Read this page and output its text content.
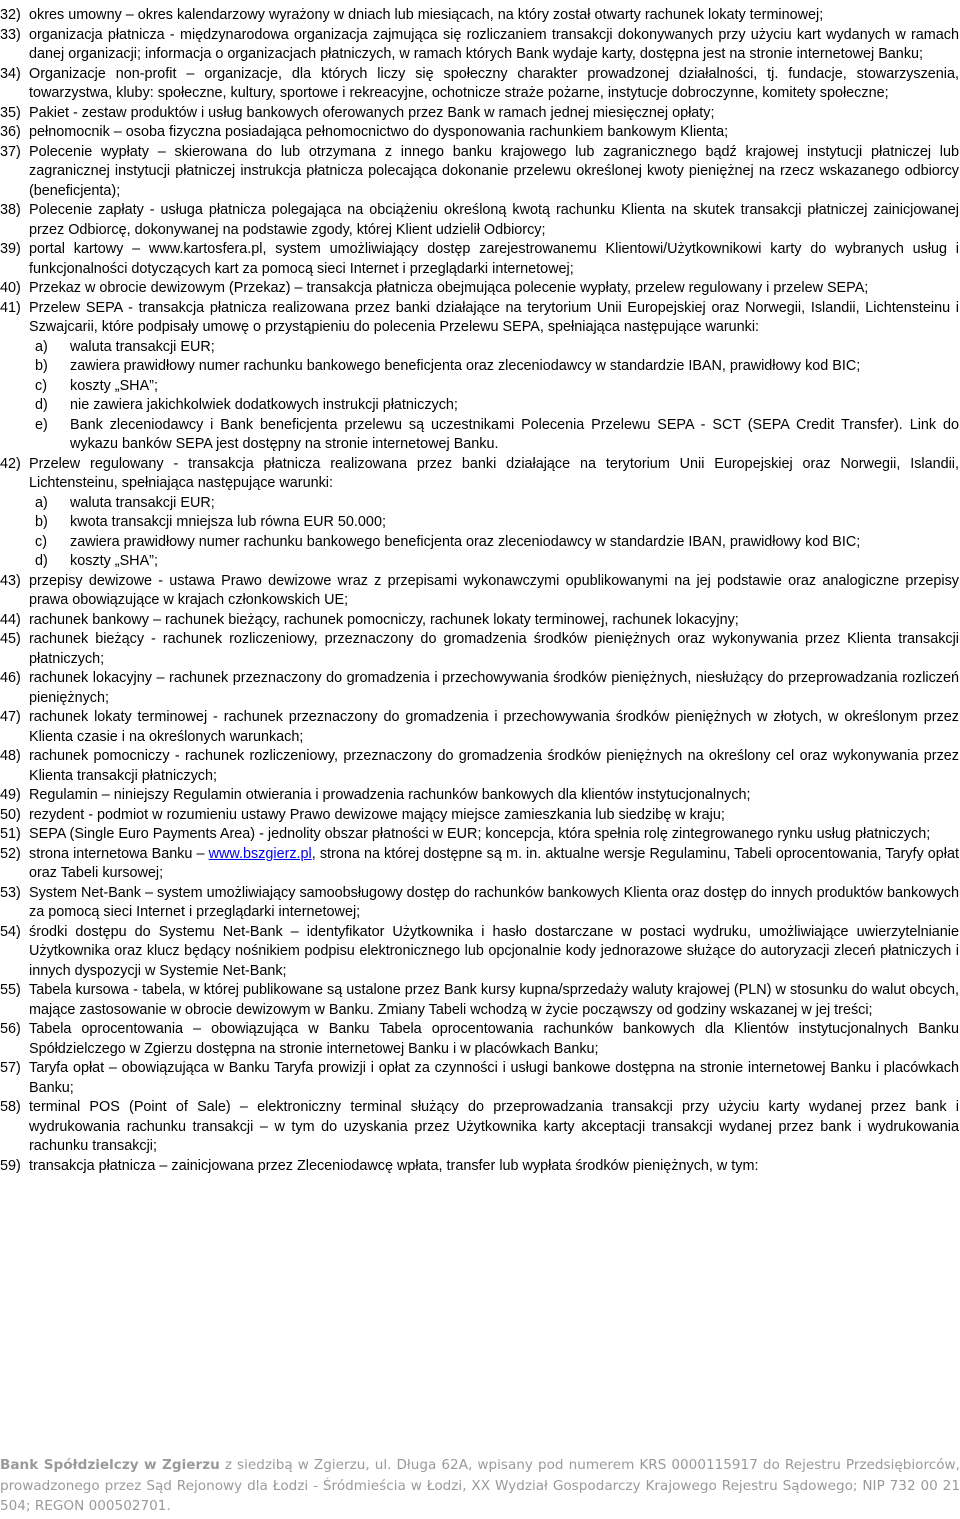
32) okres umowny – okres kalendarzowy wyrażony w dniach lub miesiącach, na który został otwarty rachunek lokaty terminowej;
33) organizacja płatnicza - międzynarodowa organizacja zajmująca się rozliczaniem transakcji dokonywanych przy użyciu kart wydanych w ramach danej organizacji; informacja o organizacjach płatniczych, w ramach których Bank wydaje karty, dostępna jest na stronie internetowej Banku;
34) Organizacje non-profit – organizacje, dla których liczy się społeczny charakter prowadzonej działalności, tj. fundacje, stowarzyszenia, towarzystwa, kluby: społeczne, kultury, sportowe i rekreacyjne, ochotnicze straże pożarne, instytucje dobroczynne, komitety społeczne;
35) Pakiet - zestaw produktów i usług bankowych oferowanych przez Bank w ramach jednej miesięcznej opłaty;
36) pełnomocnik – osoba fizyczna posiadająca pełnomocnictwo do dysponowania rachunkiem bankowym Klienta;
37) Polecenie wypłaty – skierowana do lub otrzymana z innego banku krajowego lub zagranicznego bądź krajowej instytucji płatniczej lub zagranicznej instytucji płatniczej instrukcja płatnicza polecająca dokonanie przelewu określonej kwoty pieniężnej na rzecz wskazanego odbiorcy (beneficjenta);
38) Polecenie zapłaty - usługa płatnicza polegająca na obciążeniu określoną kwotą rachunku Klienta na skutek transakcji płatniczej zainicjowanej przez Odbiorcę, dokonywanej na podstawie zgody, której Klient udzielił Odbiorcy;
39) portal kartowy – www.kartosfera.pl, system umożliwiający dostęp zarejestrowanemu Klientowi/Użytkownikowi karty do wybranych usług i funkcjonalności dotyczących kart za pomocą sieci Internet i przeglądarki internetowej;
40) Przekaz w obrocie dewizowym (Przekaz) – transakcja płatnicza obejmująca polecenie wypłaty, przelew regulowany i przelew SEPA;
41) Przelew SEPA - transakcja płatnicza realizowana przez banki działające na terytorium Unii Europejskiej oraz Norwegii, Islandii, Lichtensteinu i Szwajcarii, które podpisały umowę o przystąpieniu do polecenia Przelewu SEPA, spełniająca następujące warunki:
a)	waluta transakcji EUR;
b)	zawiera prawidłowy numer rachunku bankowego beneficjenta oraz zleceniodawcy w standardzie IBAN, prawidłowy kod BIC;
c)	koszty „SHA”;
d)	nie zawiera jakichkolwiek dodatkowych instrukcji płatniczych;
e)	Bank zleceniodawcy i Bank beneficjenta przelewu są uczestnikami Polecenia Przelewu SEPA - SCT (SEPA Credit Transfer). Link do wykazu banków SEPA jest dostępny na stronie internetowej Banku.
42) Przelew regulowany - transakcja płatnicza realizowana przez banki działające na terytorium Unii Europejskiej oraz Norwegii, Islandii, Lichtensteinu, spełniająca następujące warunki:
a)	waluta transakcji EUR;
b)	kwota transakcji mniejsza lub równa EUR 50.000;
c)	zawiera prawidłowy numer rachunku bankowego beneficjenta oraz zleceniodawcy w standardzie IBAN, prawidłowy kod BIC;
d)	koszty „SHA”;
43) przepisy dewizowe - ustawa Prawo dewizowe wraz z przepisami wykonawczymi opublikowanymi na jej podstawie oraz analogiczne przepisy prawa obowiązujące w krajach członkowskich UE;
44) rachunek bankowy – rachunek bieżący, rachunek pomocniczy, rachunek lokaty terminowej, rachunek lokacyjny;
45) rachunek bieżący - rachunek rozliczeniowy, przeznaczony do gromadzenia środków pieniężnych oraz wykonywania przez Klienta transakcji płatniczych;
46) rachunek lokacyjny – rachunek przeznaczony do gromadzenia i przechowywania środków pieniężnych, niesłużący do przeprowadzania rozliczeń pieniężnych;
47) rachunek lokaty terminowej - rachunek przeznaczony do gromadzenia i przechowywania środków pieniężnych w złotych, w określonym przez Klienta czasie i na określonych warunkach;
48) rachunek pomocniczy - rachunek rozliczeniowy, przeznaczony do gromadzenia środków pieniężnych na określony cel oraz wykonywania przez Klienta transakcji płatniczych;
49) Regulamin – niniejszy Regulamin otwierania i prowadzenia rachunków bankowych dla klientów instytucjonalnych;
50) rezydent - podmiot w rozumieniu ustawy Prawo dewizowe mający miejsce zamieszkania lub siedzibę w kraju;
51) SEPA (Single Euro Payments Area) - jednolity obszar płatności w EUR; koncepcja, która spełnia rolę zintegrowanego rynku usług płatniczych;
52) strona internetowa Banku – www.bszgierz.pl, strona na której dostępne są m. in. aktualne wersje Regulaminu, Tabeli oprocentowania, Taryfy opłat oraz Tabeli kursowej;
53) System Net-Bank – system umożliwiający samoobsługowy dostęp do rachunków bankowych Klienta oraz dostęp do innych produktów bankowych za pomocą sieci Internet i przeglądarki internetowej;
54) środki dostępu do Systemu Net-Bank – identyfikator Użytkownika i hasło dostarczane w postaci wydruku, umożliwiające uwierzytelnianie Użytkownika oraz klucz będący nośnikiem podpisu elektronicznego lub opcjonalnie kody jednorazowe służące do autoryzacji zleceń płatniczych i innych dyspozycji w Systemie Net-Bank;
55) Tabela kursowa - tabela, w której publikowane są ustalone przez Bank kursy kupna/sprzedaży waluty krajowej (PLN) w stosunku do walut obcych, mające zastosowanie w obrocie dewizowym w Banku. Zmiany Tabeli wchodzą w życie począwszy od godziny wskazanej w jej treści;
56) Tabela oprocentowania – obowiązująca w Banku Tabela oprocentowania rachunków bankowych dla Klientów instytucjonalnych Banku Spółdzielczego w Zgierzu dostępna na stronie internetowej Banku i w placówkach Banku;
57) Taryfa opłat – obowiązująca w Banku Taryfa prowizji i opłat za czynności i usługi bankowe dostępna na stronie internetowej Banku i placówkach Banku;
58) terminal POS (Point of Sale) – elektroniczny terminal służący do przeprowadzania transakcji przy użyciu karty wydanej przez bank i wydrukowania rachunku transakcji – w tym do uzyskania przez Użytkownika karty akceptacji transakcji wydanej przez bank i wydrukowania rachunku transakcji;
59) transakcja płatnicza – zainicjowana przez Zleceniodawcę wpłata, transfer lub wypłata środków pieniężnych, w tym:
Bank Spółdzielczy w Zgierzu z siedzibą w Zgierzu, ul. Długa 62A, wpisany pod numerem KRS 0000115917 do Rejestru Przedsiębiorców, prowadzonego przez Sąd Rejonowy dla Łodzi - Śródmieścia w Łodzi, XX Wydział Gospodarczy Krajowego Rejestru Sądowego; NIP 732 00 21 504; REGON 000502701.
